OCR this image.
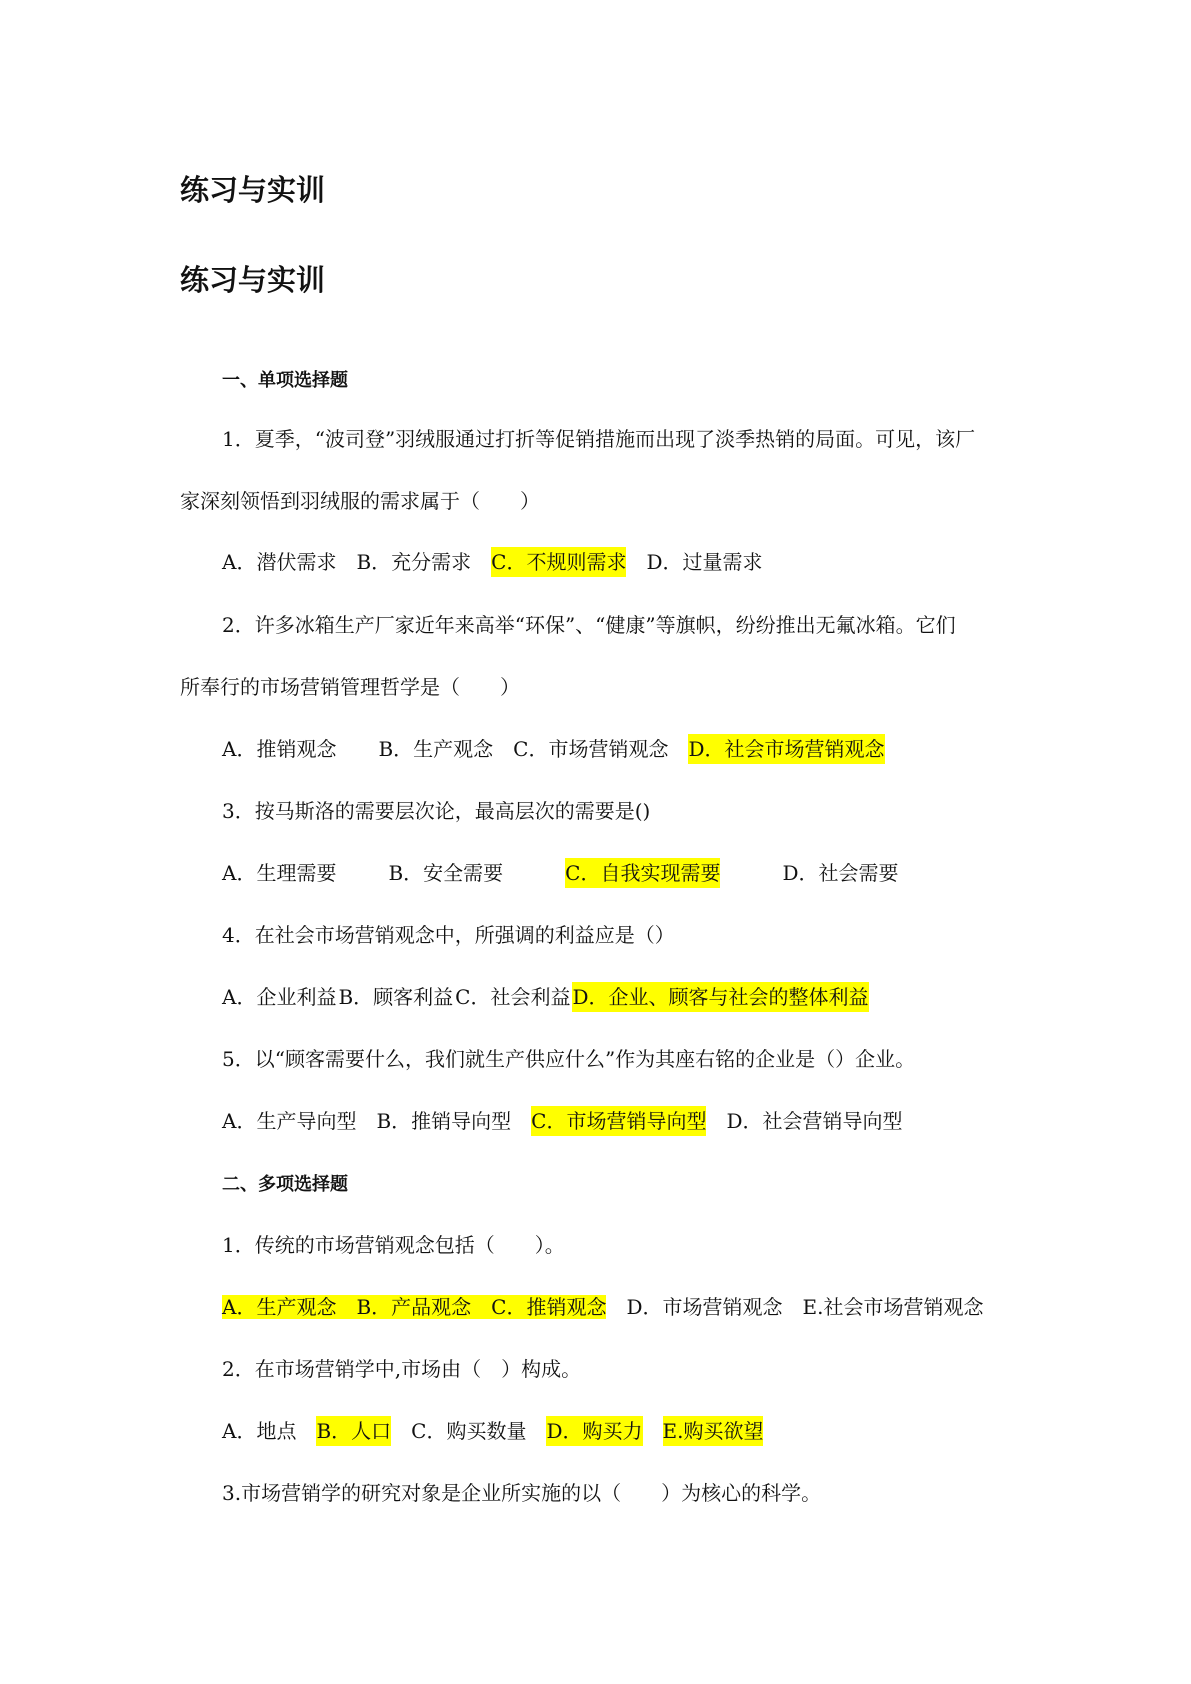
练习与实训
练习与实训
一、单项选择题
1．夏季，“波司登”羽绒服通过打折等促销措施而出现了淡季热销的局面。可见，该厂
家深刻领悟到羽绒服的需求属于（　　）
A．潜伏需求 B．充分需求 C．不规则需求 D．过量需求
2．许多冰箱生产厂家近年来高举“环保”、“健康”等旗帜，纷纷推出无氟冰箱。它们
所奉行的市场营销管理哲学是（　　）
A．推销观念 B．生产观念 C．市场营销观念 D．社会市场营销观念
3．按马斯洛的需要层次论，最高层次的需要是()
A．生理需要	B．安全需要	C．自我实现需要	D．社会需要
4．在社会市场营销观念中，所强调的利益应是（）
A．企业利益 B．顾客利益 C．社会利益 D．企业、顾客与社会的整体利益
5．以“顾客需要什么，我们就生产供应什么”作为其座右铭的企业是（）企业。
A．生产导向型 B．推销导向型 C．市场营销导向型 D．社会营销导向型
二、多项选择题
1．传统的市场营销观念包括（　　）。
A．生产观念 B．产品观念 C．推销观念 D．市场营销观念 E.社会市场营销观念
2．在市场营销学中,市场由（　）构成。
A．地点 B．人口 C．购买数量 D．购买力 E.购买欲望
3.市场营销学的研究对象是企业所实施的以（　　）为核心的科学。
